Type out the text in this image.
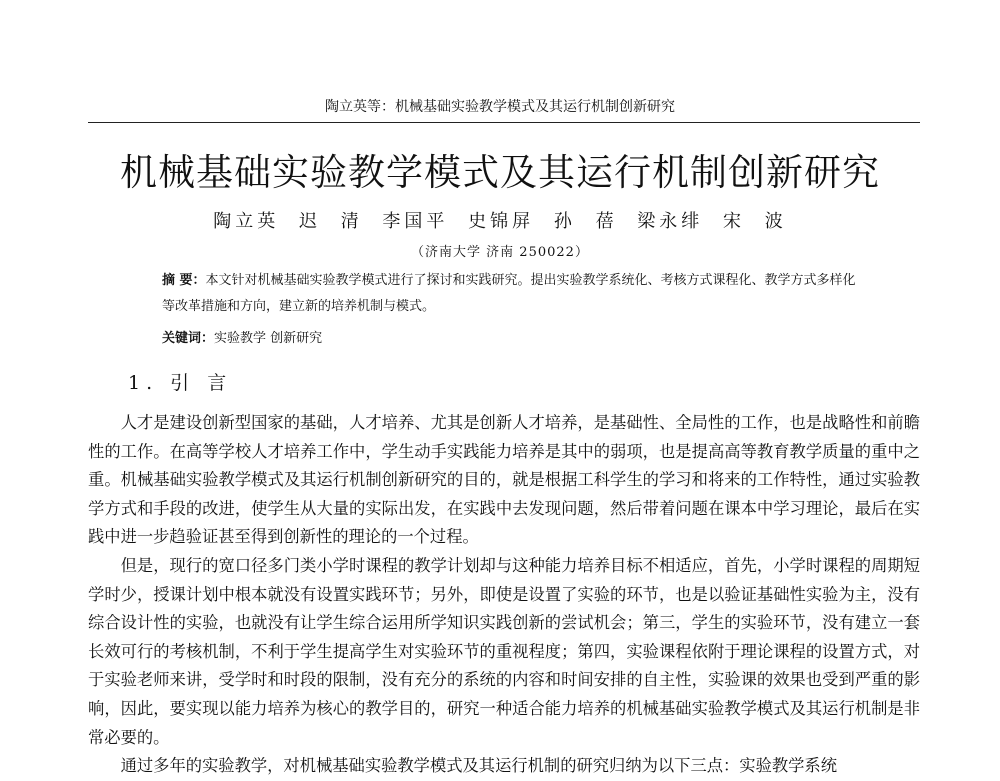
陶立英等：机械基础实验教学模式及其运行机制创新研究
机械基础实验教学模式及其运行机制创新研究
陶立英 迟 清 李国平 史锦屏 孙 蓓 梁永绯 宋 波
（济南大学 济南 250022）
摘 要：本文针对机械基础实验教学模式进行了探讨和实践研究。提出实验教学系统化、考核方式课程化、教学方式多样化等改革措施和方向，建立新的培养机制与模式。
关键词：实验教学 创新研究
1. 引 言

人才是建设创新型国家的基础，人才培养、尤其是创新人才培养，是基础性、全局性的工作，也是战略性和前瞻性的工作。在高等学校人才培养工作中，学生动手实践能力培养是其中的弱项，也是提高高等教育教学质量的重中之重。机械基础实验教学模式及其运行机制创新研究的目的，就是根据工科学生的学习和将来的工作特性，通过实验教学方式和手段的改进，使学生从大量的实际出发，在实践中去发现问题，然后带着问题在课本中学习理论，最后在实践中进一步趋验证甚至得到创新性的理论的一个过程。

但是，现行的宽口径多门类小学时课程的教学计划却与这种能力培养目标不相适应，首先，小学时课程的周期短学时少，授课计划中根本就没有设置实践环节；另外，即使是设置了实验的环节，也是以验证基础性实验为主，没有综合设计性的实验，也就没有让学生综合运用所学知识实践创新的尝试机会；第三，学生的实验环节，没有建立一套长效可行的考核机制，不利于学生提高学生对实验环节的重视程度；第四，实验课程依附于理论课程的设置方式，对于实验老师来讲，受学时和时段的限制，没有充分的系统的内容和时间安排的自主性，实验课的效果也受到严重的影响，因此，要实现以能力培养为核心的教学目的，研究一种适合能力培养的机械基础实验教学模式及其运行机制是非常必要的。

通过多年的实验教学，对机械基础实验教学模式及其运行机制的研究归纳为以下三点：实验教学系统
